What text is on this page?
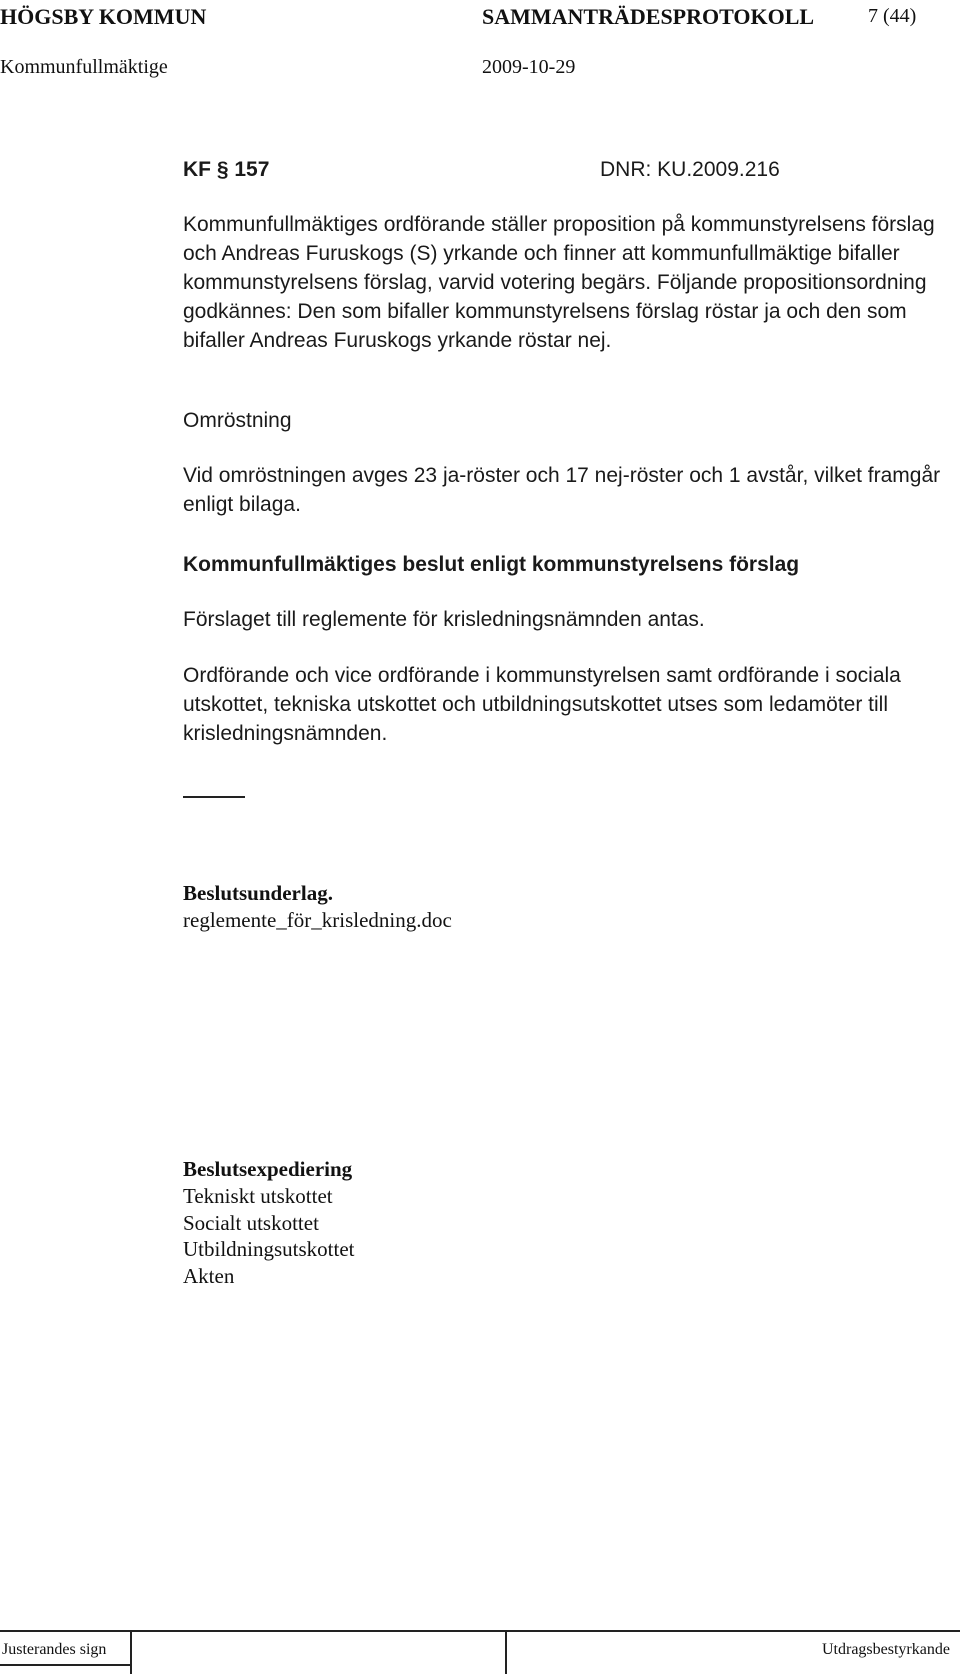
HÖGSBY KOMMUN	SAMMANTRÄDESPROTOKOLL	7 (44)
Kommunfullmäktige	2009-10-29
KF § 157	DNR: KU.2009.216
Kommunfullmäktiges ordförande ställer proposition på kommunstyrelsens förslag och Andreas Furuskogs (S) yrkande och finner att kommunfullmäktige bifaller kommunstyrelsens förslag, varvid votering begärs. Följande propositionsordning godkännes: Den som bifaller kommunstyrelsens förslag röstar ja och den som bifaller Andreas Furuskogs yrkande röstar nej.
Omröstning
Vid omröstningen avges 23 ja-röster och 17 nej-röster och 1 avstår, vilket framgår enligt bilaga.
Kommunfullmäktiges beslut enligt kommunstyrelsens förslag
Förslaget till reglemente för krisledningsnämnden antas.
Ordförande och vice ordförande i kommunstyrelsen samt ordförande i sociala utskottet, tekniska utskottet och utbildningsutskottet utses som ledamöter till krisledningsnämnden.
Beslutsunderlag.
reglemente_för_krisledning.doc
Beslutsexpediering
Tekniskt utskottet
Socialt utskottet
Utbildningsutskottet
Akten
Justerandes sign	Utdragsbestyrkande
